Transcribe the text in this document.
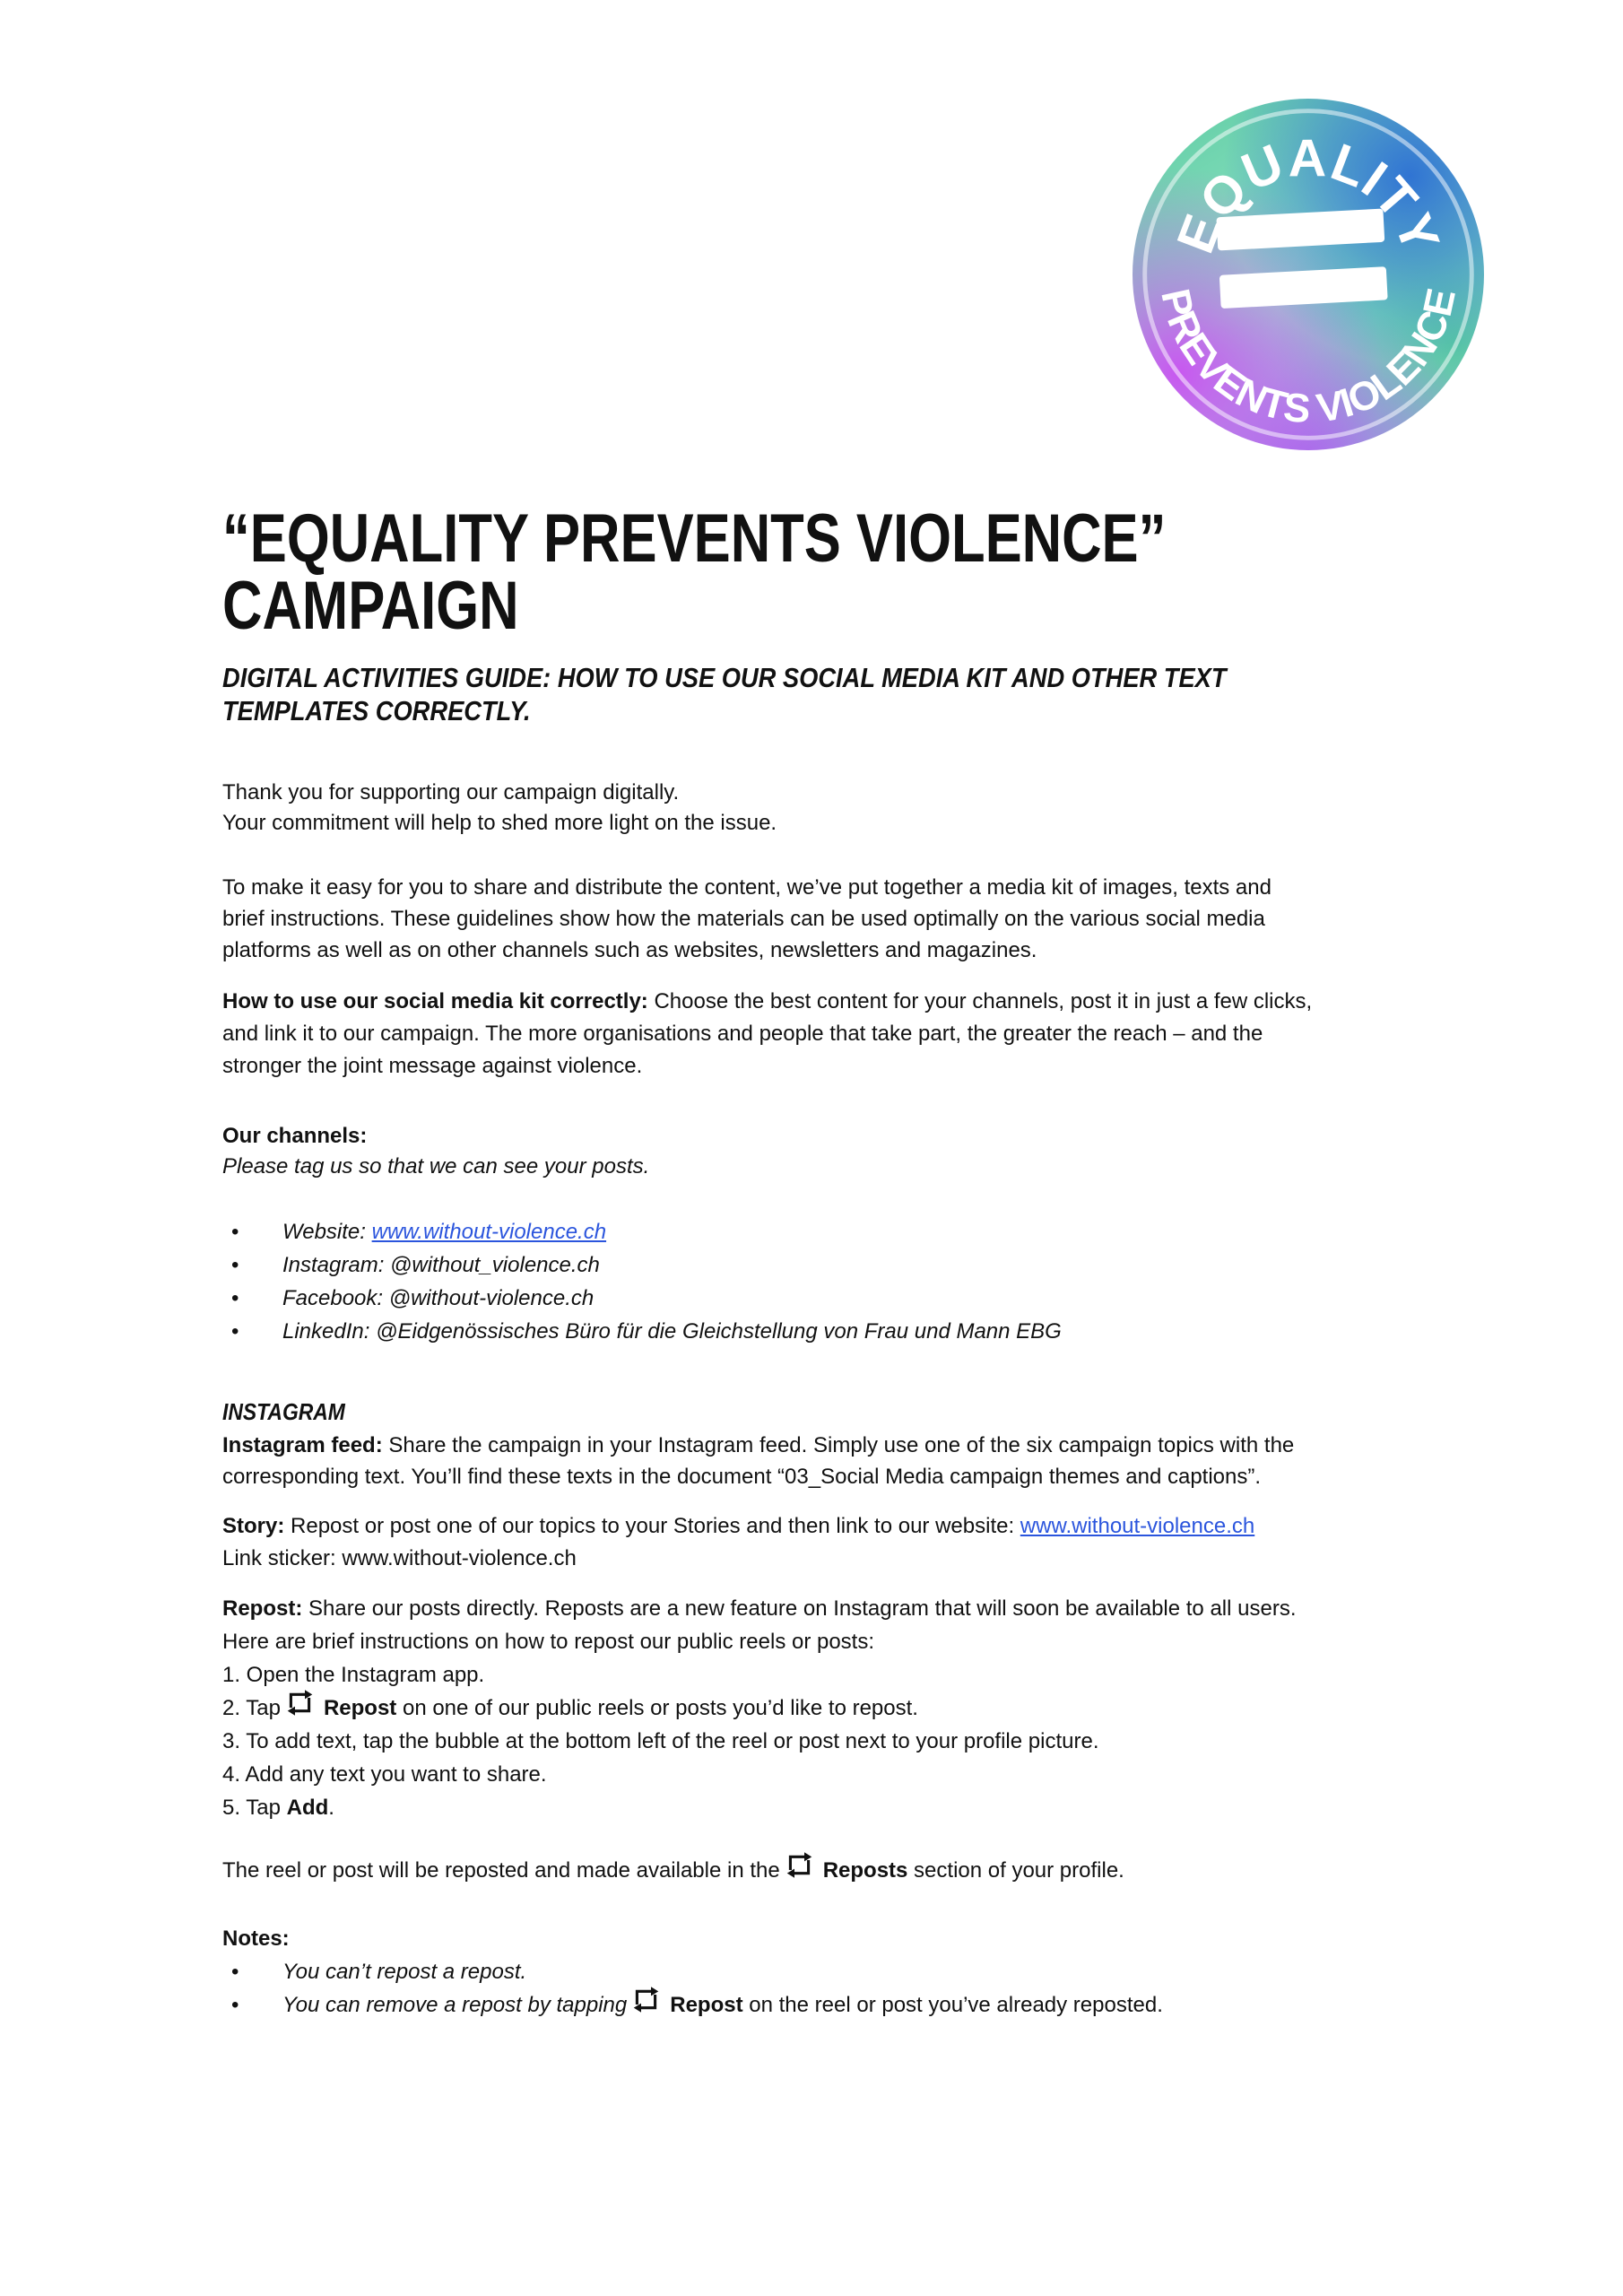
EQUALITY
PREVENTS VIOLENCE
“EQUALITY PREVENTS VIOLENCE”
CAMPAIGN
DIGITAL ACTIVITIES GUIDE: HOW TO USE OUR SOCIAL MEDIA KIT AND OTHER TEXT
TEMPLATES CORRECTLY.
Thank you for supporting our campaign digitally.
Your commitment will help to shed more light on the issue.
To make it easy for you to share and distribute the content, we’ve put together a media kit of images, texts and
brief instructions. These guidelines show how the materials can be used optimally on the various social media
platforms as well as on other channels such as websites, newsletters and magazines.
How to use our social media kit correctly: Choose the best content for your channels, post it in just a few clicks,
and link it to our campaign. The more organisations and people that take part, the greater the reach – and the
stronger the joint message against violence.
Our channels:
Please tag us so that we can see your posts.
• Website: www.without-violence.ch
• Instagram: @without_violence.ch
• Facebook: @without-violence.ch
• LinkedIn: @Eidgenössisches Büro für die Gleichstellung von Frau und Mann EBG
INSTAGRAM
Instagram feed: Share the campaign in your Instagram feed. Simply use one of the six campaign topics with the
corresponding text. You’ll find these texts in the document “03_Social Media campaign themes and captions”.
Story: Repost or post one of our topics to your Stories and then link to our website: www.without-violence.ch
Link sticker: www.without-violence.ch
Repost: Share our posts directly. Reposts are a new feature on Instagram that will soon be available to all users.
Here are brief instructions on how to repost our public reels or posts:
1. Open the Instagram app.
2. Tap Repost on one of our public reels or posts you’d like to repost.
3. To add text, tap the bubble at the bottom left of the reel or post next to your profile picture.
4. Add any text you want to share.
5. Tap Add.
The reel or post will be reposted and made available in the Reposts section of your profile.
Notes:
• You can’t repost a repost.
• You can remove a repost by tapping Repost on the reel or post you’ve already reposted.
